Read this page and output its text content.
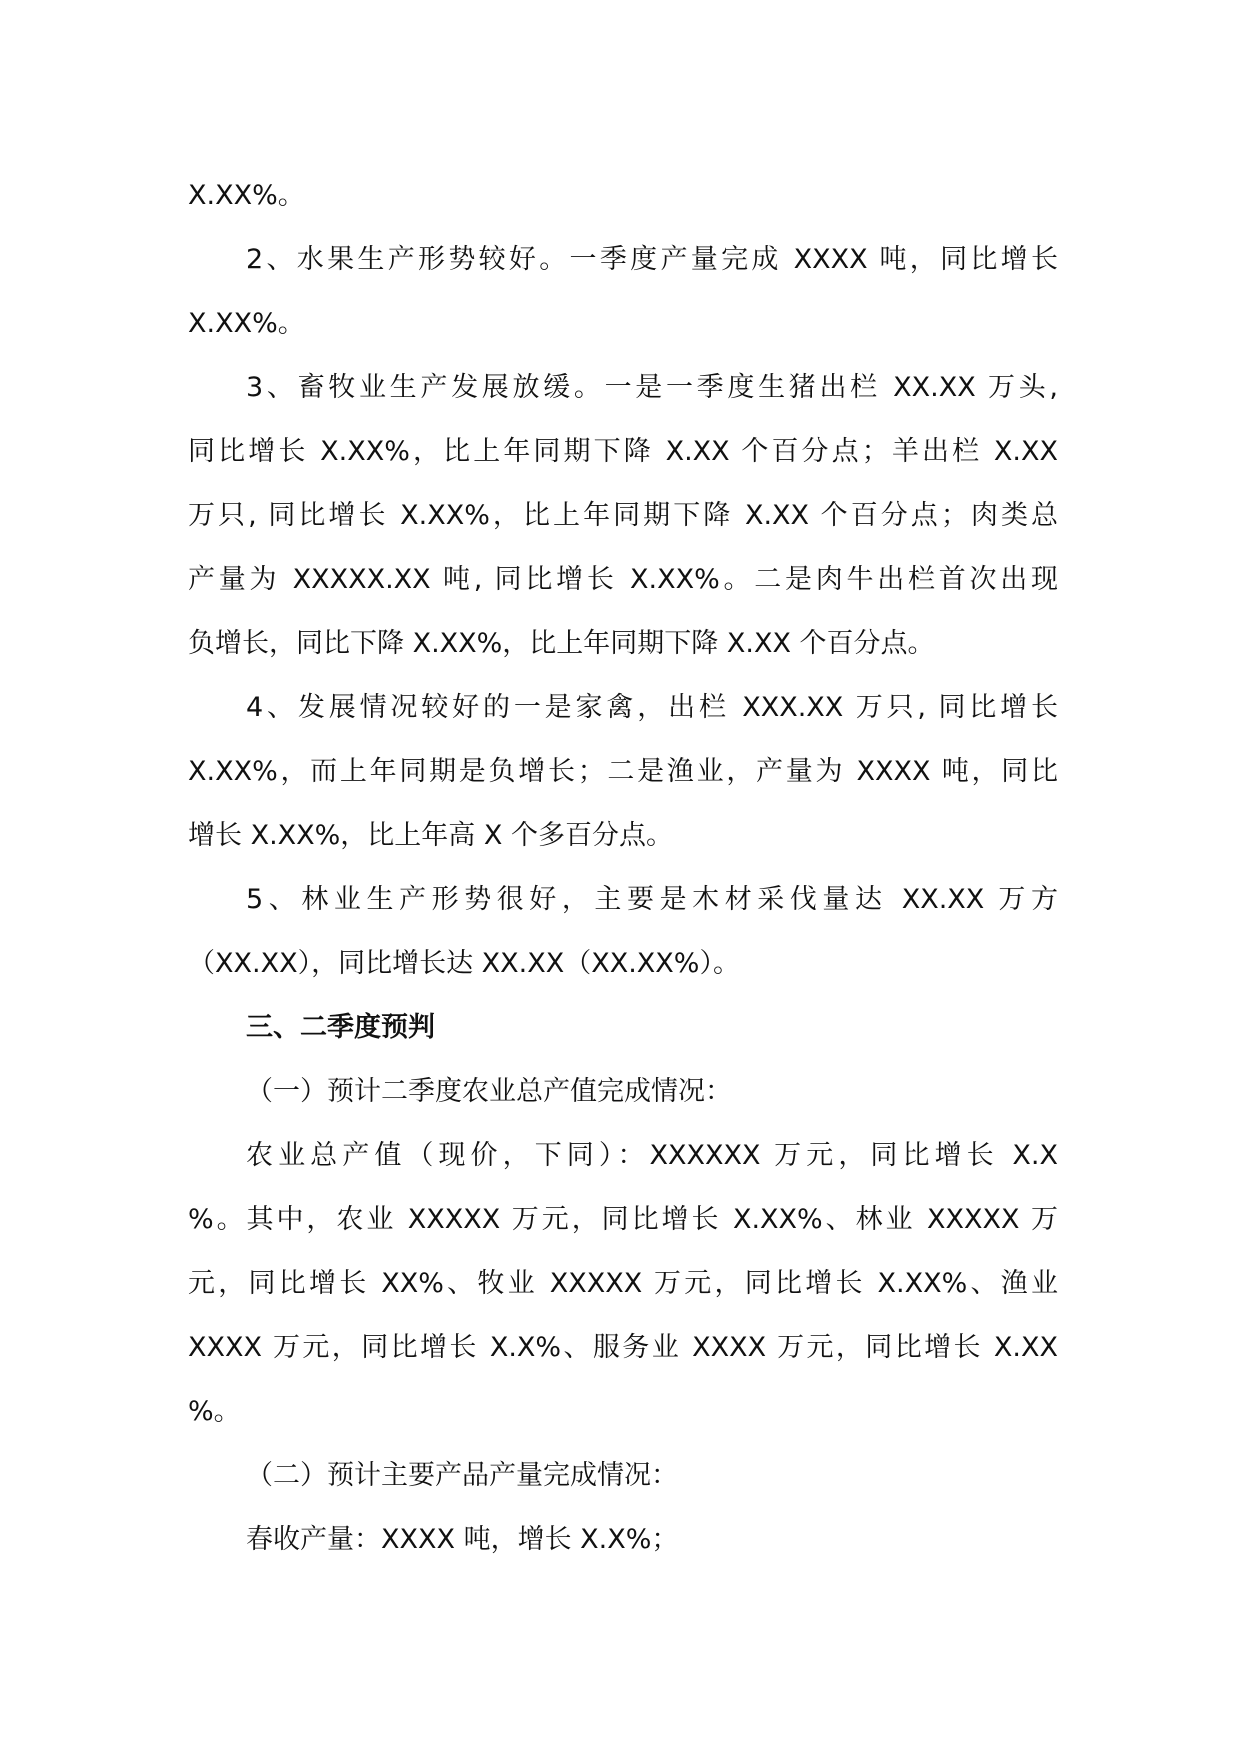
X.XX%。
2、水果生产形势较好。一季度产量完成 XXXX 吨，同比增长
X.XX%。
3、畜牧业生产发展放缓。一是一季度生猪出栏 XX.XX 万头,
同比增长 X.XX%，比上年同期下降 X.XX 个百分点；羊出栏 X.XX
万只, 同比增长 X.XX%，比上年同期下降 X.XX 个百分点；肉类总
产量为 XXXXX.XX 吨, 同比增长 X.XX%。二是肉牛出栏首次出现
负增长，同比下降 X.XX%，比上年同期下降 X.XX 个百分点。
4、发展情况较好的一是家禽，出栏 XXX.XX 万只, 同比增长
X.XX%，而上年同期是负增长；二是渔业，产量为 XXXX 吨，同比
增长 X.XX%，比上年高 X 个多百分点。
5、林业生产形势很好，主要是木材采伐量达 XX.XX 万方
（XX.XX），同比增长达 XX.XX（XX.XX%）。
三、二季度预判
（一）预计二季度农业总产值完成情况：
农业总产值（现价，下同）：XXXXXX 万元，同比增长 X.X
%。其中，农业 XXXXX 万元，同比增长 X.XX%、林业 XXXXX 万
元，同比增长 XX%、牧业 XXXXX 万元，同比增长 X.XX%、渔业
XXXX 万元，同比增长 X.X%、服务业 XXXX 万元，同比增长 X.XX
%。
（二）预计主要产品产量完成情况：
春收产量：XXXX 吨，增长 X.X%；
